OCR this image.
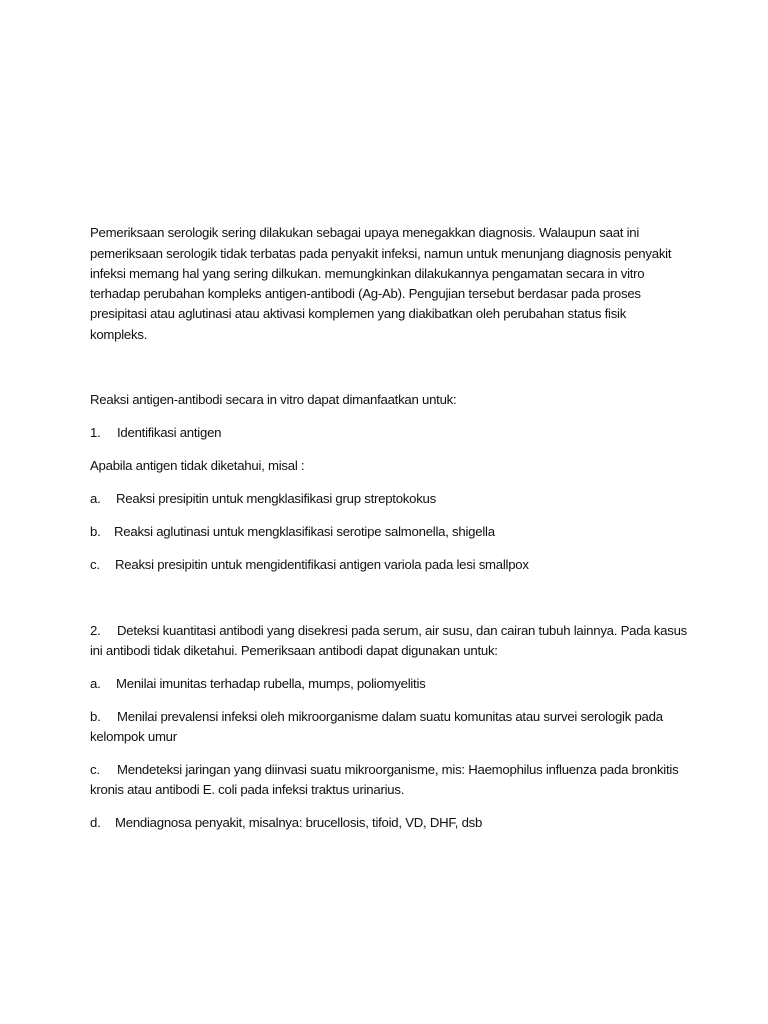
Pemeriksaan serologik sering dilakukan sebagai upaya menegakkan diagnosis. Walaupun saat ini
pemeriksaan serologik tidak terbatas pada penyakit infeksi, namun untuk menunjang diagnosis penyakit
infeksi memang hal yang sering dilkukan. memungkinkan dilakukannya pengamatan secara in vitro
terhadap perubahan kompleks antigen-antibodi (Ag-Ab). Pengujian tersebut berdasar pada proses
presipitasi atau aglutinasi atau aktivasi komplemen yang diakibatkan oleh perubahan status fisik
kompleks.
Reaksi antigen-antibodi secara in vitro dapat dimanfaatkan untuk:
1. Identifikasi antigen
Apabila antigen tidak diketahui, misal :
a. Reaksi presipitin untuk mengklasifikasi grup streptokokus
b. Reaksi aglutinasi untuk mengklasifikasi serotipe salmonella, shigella
c. Reaksi presipitin untuk mengidentifikasi antigen variola pada lesi smallpox
2. Deteksi kuantitasi antibodi yang disekresi pada serum, air susu, dan cairan tubuh lainnya. Pada kasus
ini antibodi tidak diketahui. Pemeriksaan antibodi dapat digunakan untuk:
a. Menilai imunitas terhadap rubella, mumps, poliomyelitis
b. Menilai prevalensi infeksi oleh mikroorganisme dalam suatu komunitas atau survei serologik pada
kelompok umur
c. Mendeteksi jaringan yang diinvasi suatu mikroorganisme, mis: Haemophilus influenza pada bronkitis
kronis atau antibodi E. coli pada infeksi traktus urinarius.
d. Mendiagnosa penyakit, misalnya: brucellosis, tifoid, VD, DHF, dsb
